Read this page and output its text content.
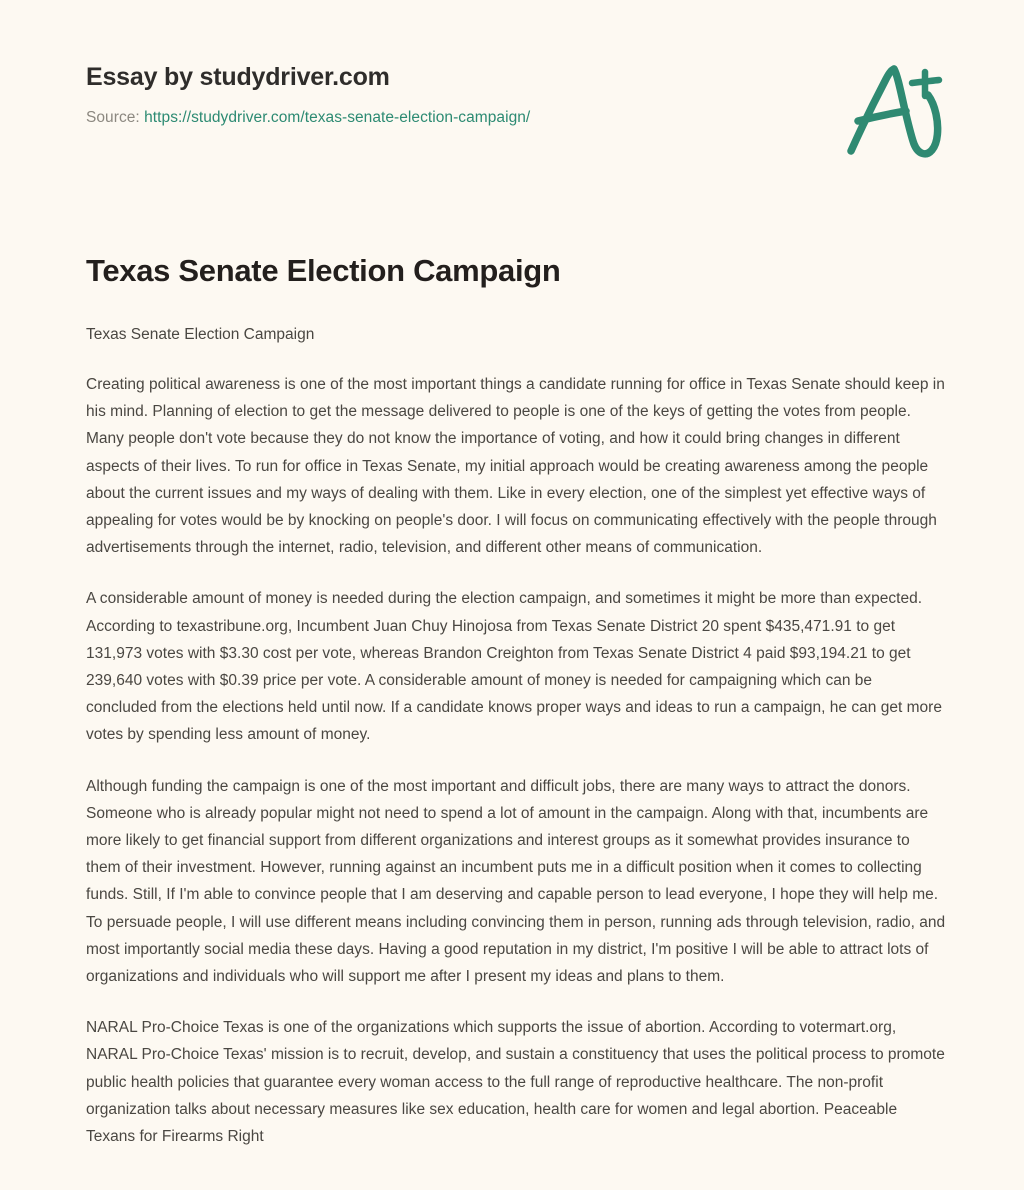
Essay by studydriver.com
Source: https://studydriver.com/texas-senate-election-campaign/
Texas Senate Election Campaign

Texas Senate Election Campaign

Creating political awareness is one of the most important things a candidate running for office in Texas Senate should keep in his mind. Planning of election to get the message delivered to people is one of the keys of getting the votes from people. Many people don't vote because they do not know the importance of voting, and how it could bring changes in different aspects of their lives. To run for office in Texas Senate, my initial approach would be creating awareness among the people about the current issues and my ways of dealing with them. Like in every election, one of the simplest yet effective ways of appealing for votes would be by knocking on people's door. I will focus on communicating effectively with the people through advertisements through the internet, radio, television, and different other means of communication.

A considerable amount of money is needed during the election campaign, and sometimes it might be more than expected. According to texastribune.org, Incumbent Juan Chuy Hinojosa from Texas Senate District 20 spent $435,471.91 to get 131,973 votes with $3.30 cost per vote, whereas Brandon Creighton from Texas Senate District 4 paid $93,194.21 to get 239,640 votes with $0.39 price per vote. A considerable amount of money is needed for campaigning which can be concluded from the elections held until now. If a candidate knows proper ways and ideas to run a campaign, he can get more votes by spending less amount of money.

Although funding the campaign is one of the most important and difficult jobs, there are many ways to attract the donors. Someone who is already popular might not need to spend a lot of amount in the campaign. Along with that, incumbents are more likely to get financial support from different organizations and interest groups as it somewhat provides insurance to them of their investment. However, running against an incumbent puts me in a difficult position when it comes to collecting funds. Still, If I'm able to convince people that I am deserving and capable person to lead everyone, I hope they will help me. To persuade people, I will use different means including convincing them in person, running ads through television, radio, and most importantly social media these days. Having a good reputation in my district, I'm positive I will be able to attract lots of organizations and individuals who will support me after I present my ideas and plans to them.

NARAL Pro-Choice Texas is one of the organizations which supports the issue of abortion. According to votermart.org, NARAL Pro-Choice Texas' mission is to recruit, develop, and sustain a constituency that uses the political process to promote public health policies that guarantee every woman access to the full range of reproductive healthcare. The non-profit organization talks about necessary measures like sex education, health care for women and legal abortion. Peaceable Texans for Firearms Right
